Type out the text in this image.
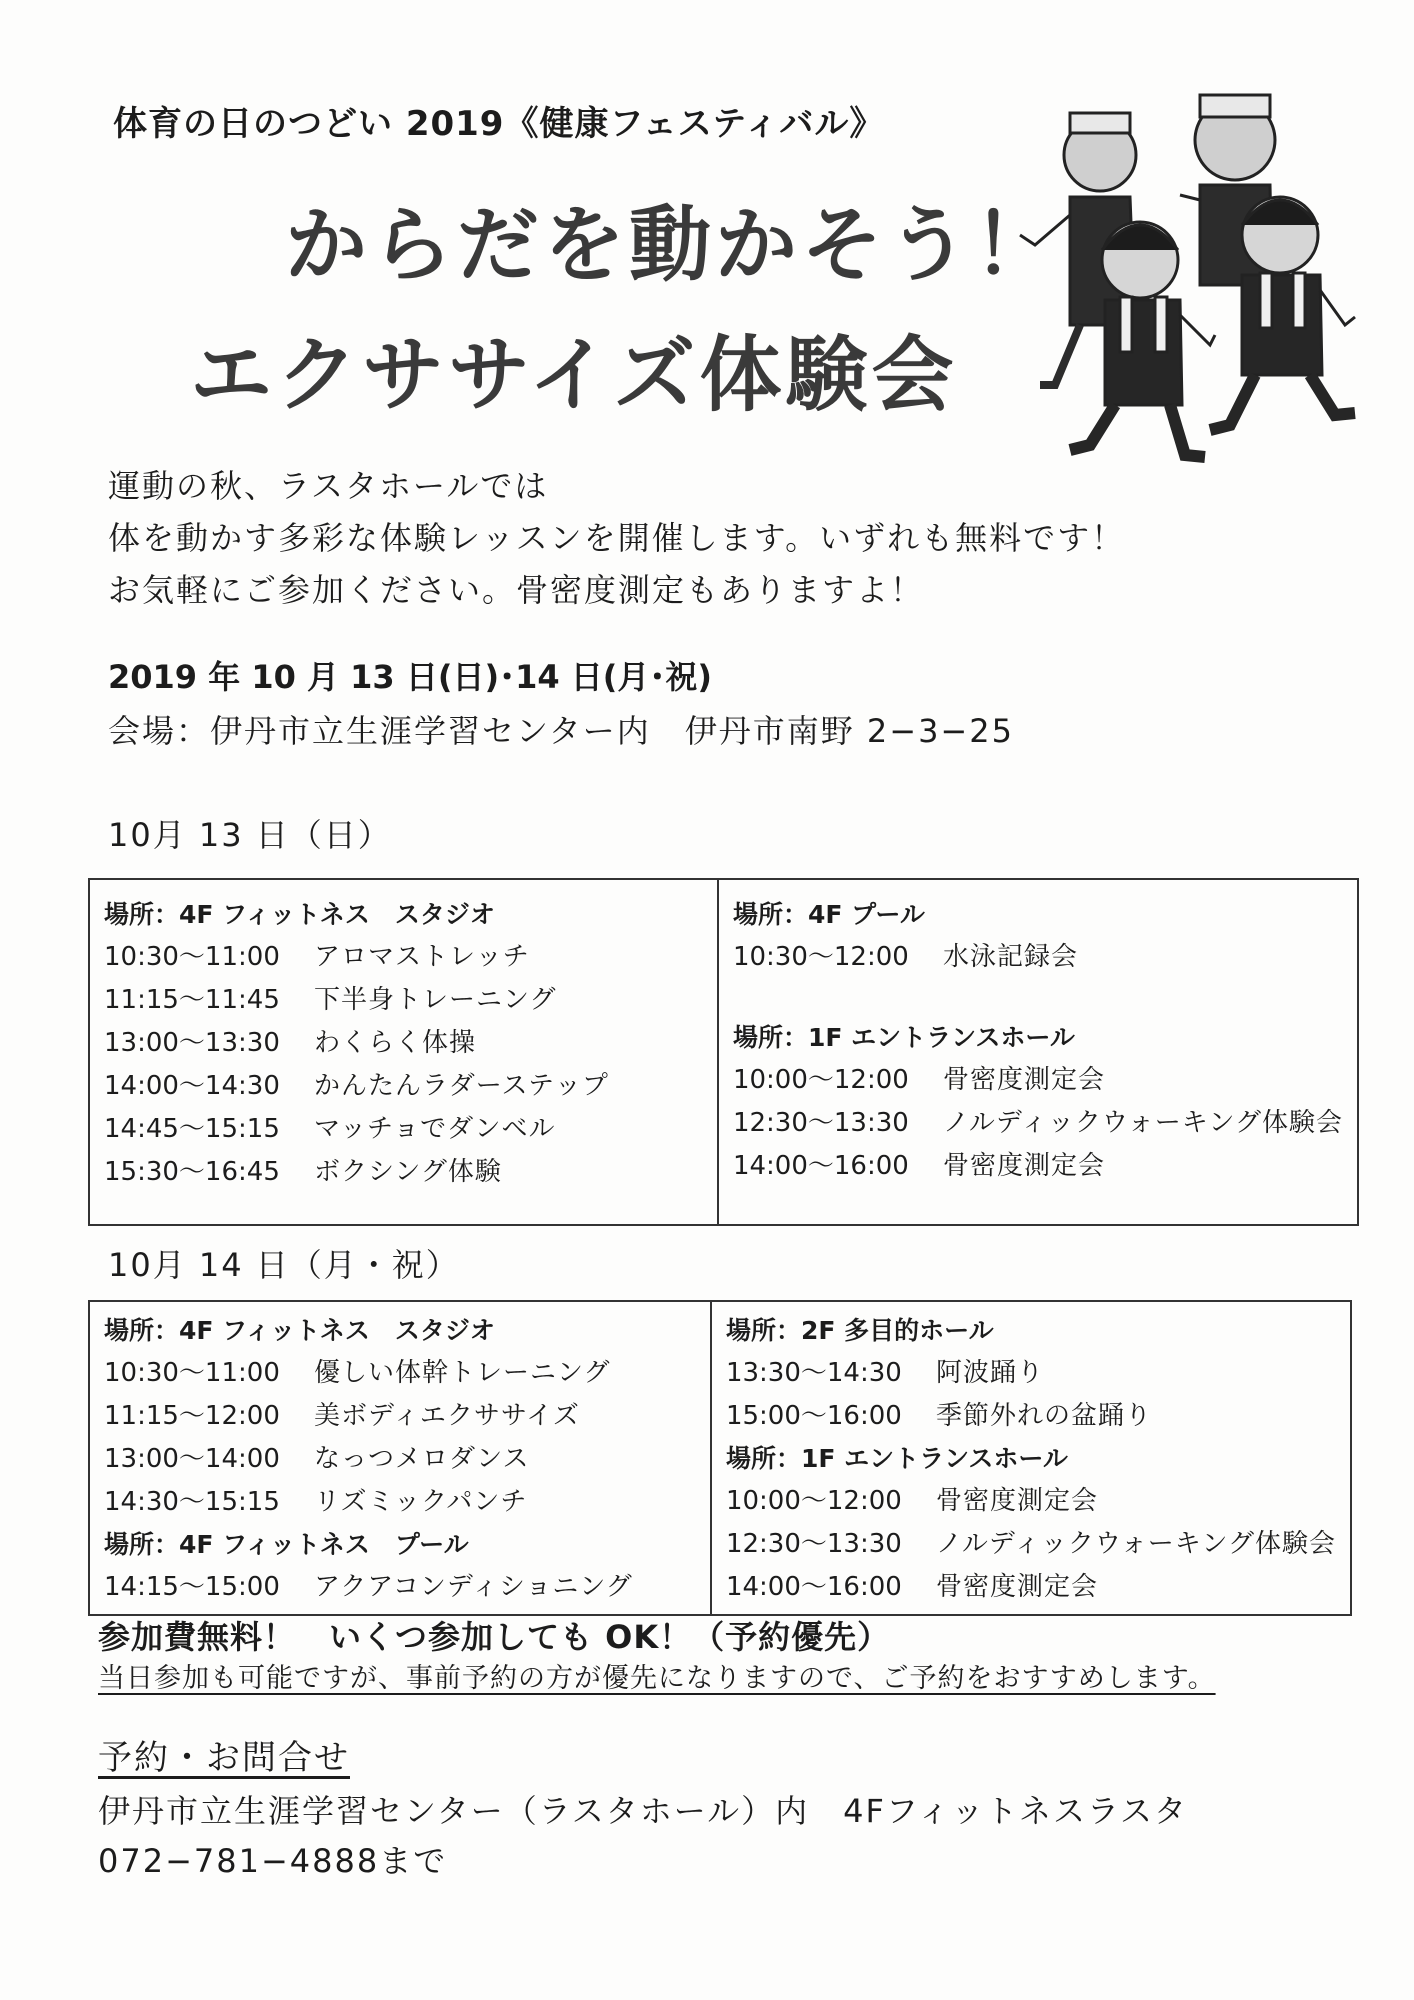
体育の日のつどい 2019《健康フェスティバル》
からだを動かそう！
エクササイズ体験会
運動の秋、ラスタホールでは
体を動かす多彩な体験レッスンを開催します。いずれも無料です！
お気軽にご参加ください。骨密度測定もありますよ！
2019 年 10 月 13 日(日)･14 日(月･祝)
会場：伊丹市立生涯学習センター内　伊丹市南野 2−3−25
10月 13 日（日）
場所：4F フィットネス　スタジオ
10:30〜11:00	アロマストレッチ
11:15〜11:45	下半身トレーニング
13:00〜13:30	わくらく体操
14:00〜14:30	かんたんラダーステップ
14:45〜15:15	マッチョでダンベル
15:30〜16:45	ボクシング体験
場所：4F プール
10:30〜12:00	水泳記録会
場所：1F エントランスホール
10:00〜12:00	骨密度測定会
12:30〜13:30	ノルディックウォーキング体験会
14:00〜16:00	骨密度測定会
10月 14 日（月・祝）
場所：4F フィットネス　スタジオ
10:30〜11:00	優しい体幹トレーニング
11:15〜12:00	美ボディエクササイズ
13:00〜14:00	なっつメロダンス
14:30〜15:15	リズミックパンチ
場所：4F フィットネス　プール
14:15〜15:00	アクアコンディショニング
場所：2F 多目的ホール
13:30〜14:30	阿波踊り
15:00〜16:00	季節外れの盆踊り
場所：1F エントランスホール
10:00〜12:00	骨密度測定会
12:30〜13:30	ノルディックウォーキング体験会
14:00〜16:00	骨密度測定会
参加費無料！　いくつ参加しても OK！（予約優先）
当日参加も可能ですが、事前予約の方が優先になりますので、ご予約をおすすめします。
予約・お問合せ
伊丹市立生涯学習センター（ラスタホール）内　4Fフィットネスラスタ
072−781−4888まで
